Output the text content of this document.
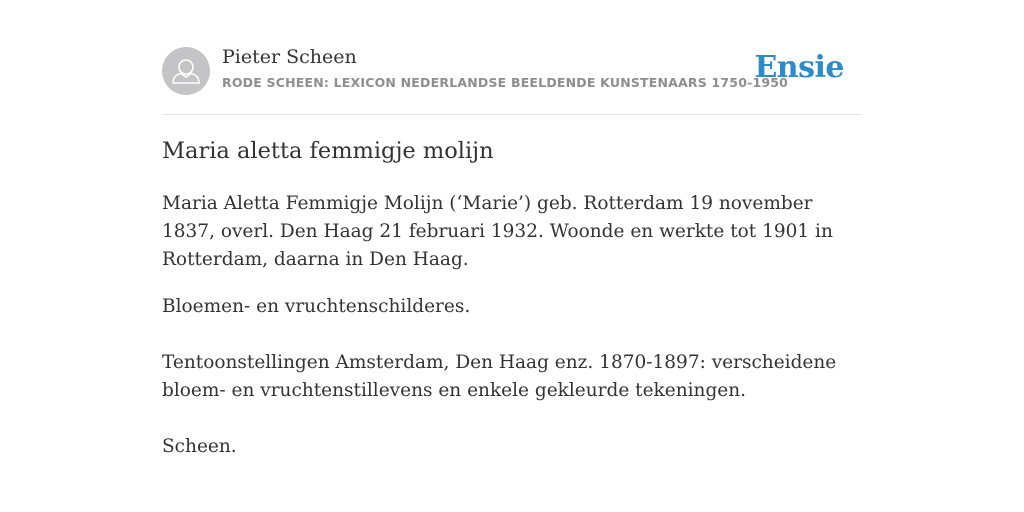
Pieter Scheen
RODE SCHEEN: LEXICON NEDERLANDSE BEELDENDE KUNSTENAARS 1750-1950
Ensie
Maria aletta femmigje molijn

Maria Aletta Femmigje Molijn (‘Marie’) geb. Rotterdam 19 november 1837, overl. Den Haag 21 februari 1932. Woonde en werkte tot 1901 in Rotterdam, daarna in Den Haag.

Bloemen- en vruchtenschilderes.

Tentoonstellingen Amsterdam, Den Haag enz. 1870-1897: verscheidene bloem- en vruchtenstillevens en enkele gekleurde tekeningen.

Scheen.
